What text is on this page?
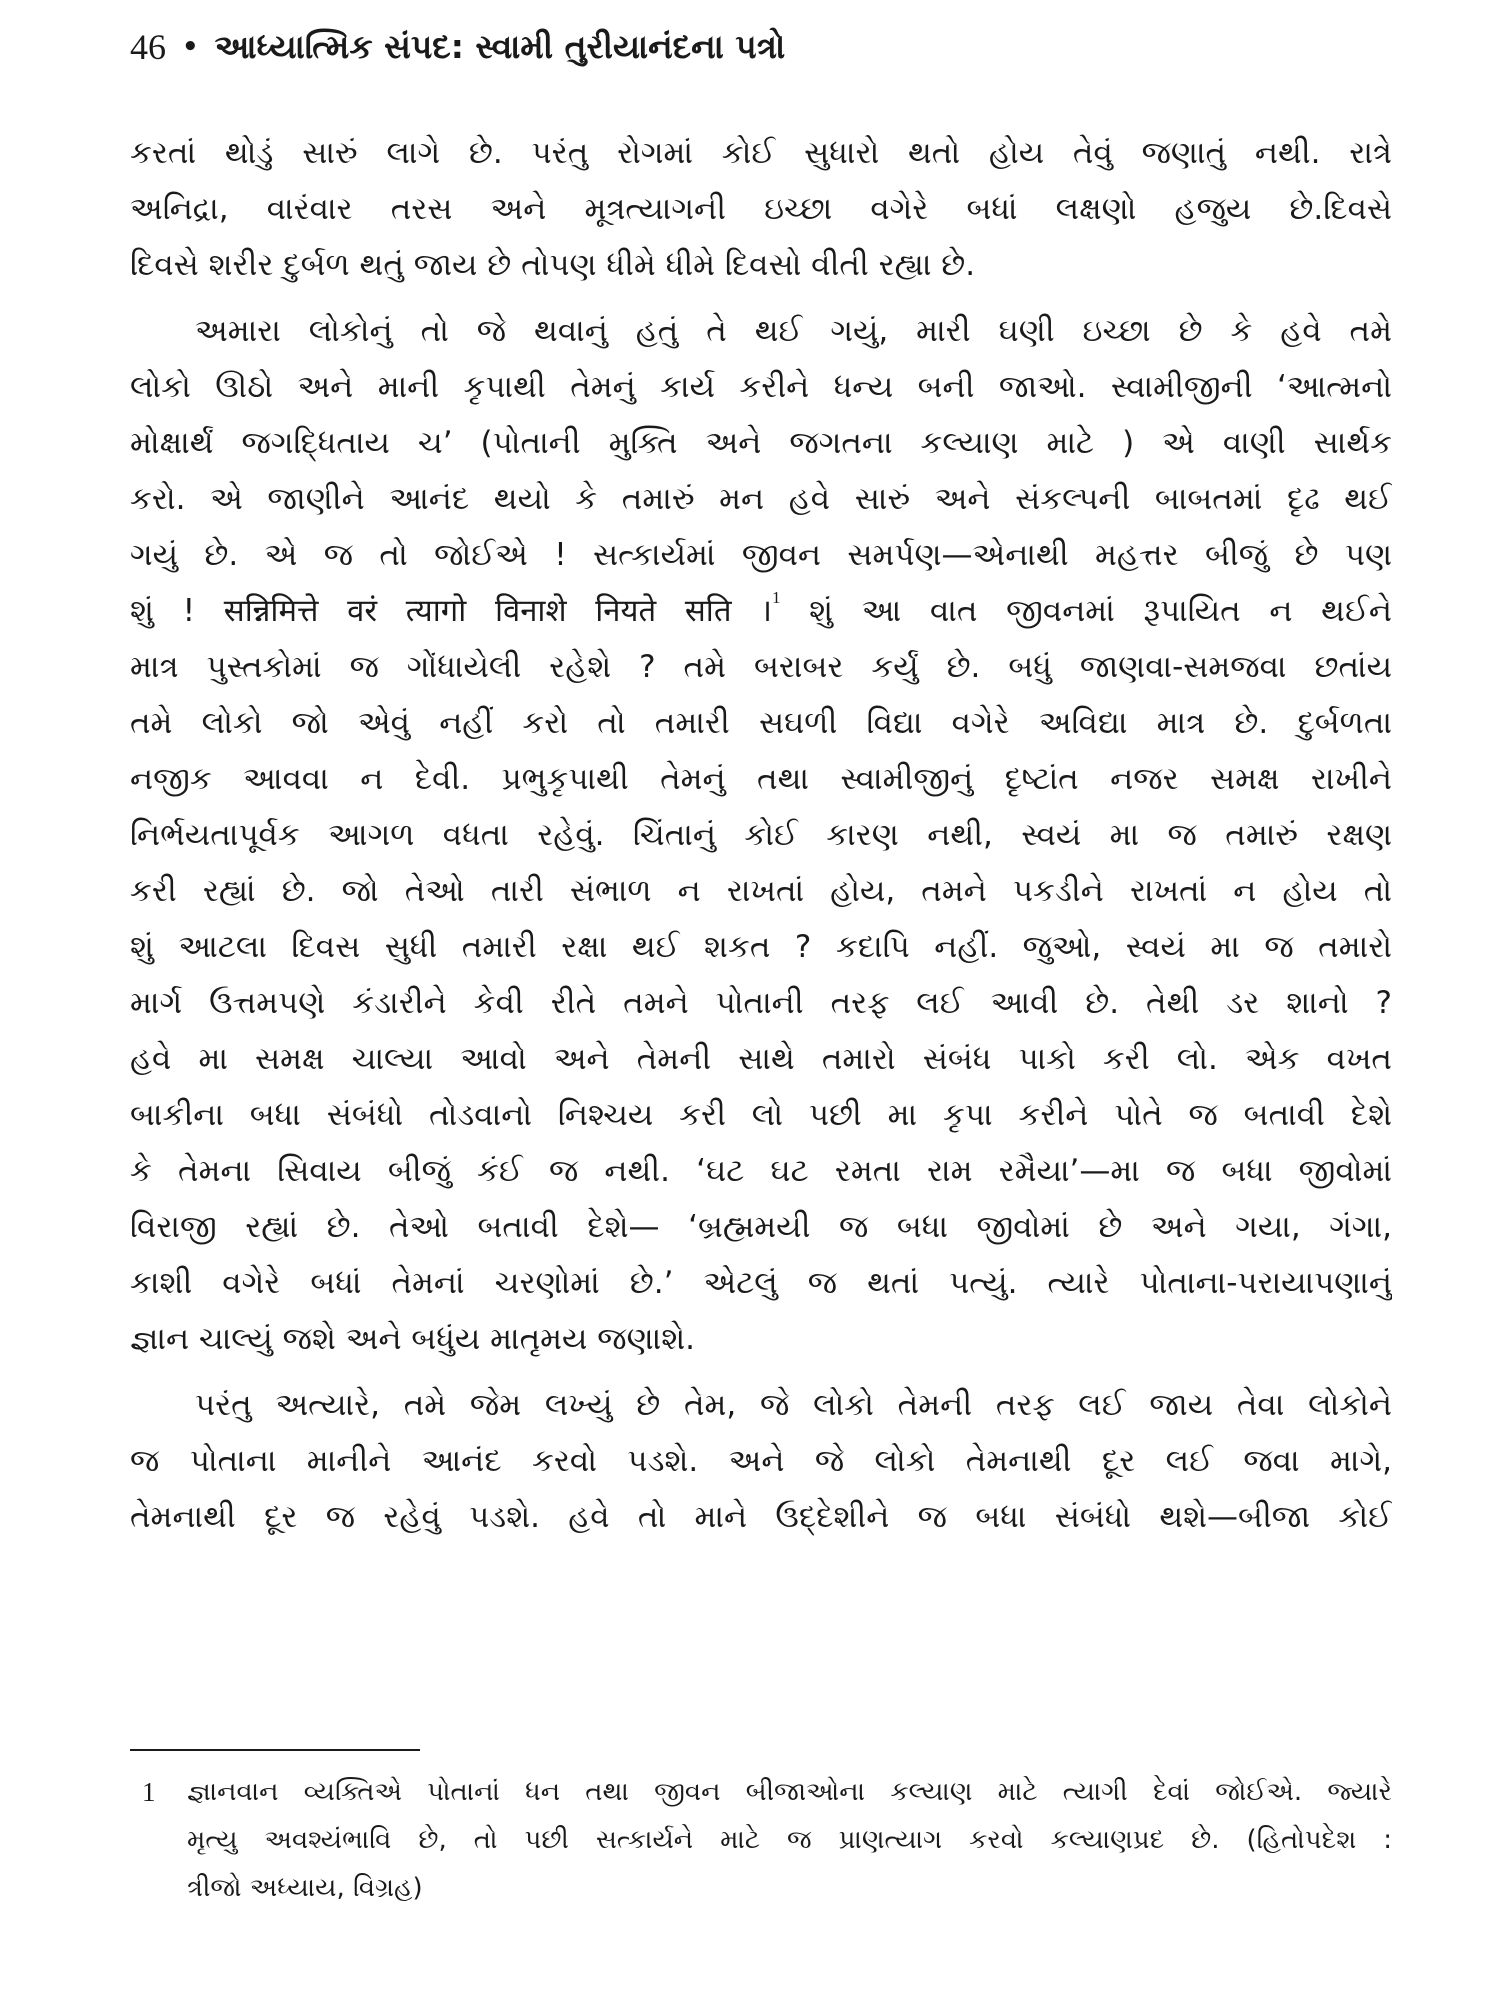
46 • આધ્યાત્મિક સંપદ: સ્વામી તુરીયાનંદના પત્રો
કરતાં થોડું સારું લાગે છે. પરંતુ રોગમાં કોઈ સુધારો થતો હોય તેવું જણાતું નથી. રાત્રે
અનિદ્રા, વારંવાર તરસ અને મૂત્રત્યાગની ઇચ્છા વગેરે બધાં લક્ષણો હજુય છે.દિવસે
દિવસે શરીર દુર્બળ થતું જાય છે તોપણ ધીમે ધીમે દિવસો વીતી રહ્યા છે.
અમારા લોકોનું તો જે થવાનું હતું તે થઈ ગયું, મારી ઘણી ઇચ્છા છે કે હવે તમે
લોકો ઊઠો અને માની કૃપાથી તેમનું કાર્ય કરીને ધન્ય બની જાઓ. સ્વામીજીની ‘આત્મનો
મોક્ષાર્થં જગદ્ધિતાય ચ’ (પોતાની મુક્તિ અને જગતના કલ્યાણ માટે ) એ વાણી સાર્થક
કરો. એ જાણીને આનંદ થયો કે તમારું મન હવે સારું અને સંકલ્પની બાબતમાં દૃઢ થઈ
ગયું છે. એ જ તો જોઈએ ! સત્કાર્યમાં જીવન સમર્પણ—એનાથી મહત્તર બીજું છે પણ
શું ! सन्निमित्ते वरं त्यागो विनाशे नियते सति ।$^1$ શું આ વાત જીવનમાં રૂપાયિત ન થઈને
માત્ર પુસ્તકોમાં જ ગોંધાયેલી રહેશે ? તમે બરાબર કર્યું છે. બધું જાણવા-સમજવા છતાંય
તમે લોકો જો એવું નહીં કરો તો તમારી સઘળી વિદ્યા વગેરે અવિદ્યા માત્ર છે. દુર્બળતા
નજીક આવવા ન દેવી. પ્રભુકૃપાથી તેમનું તથા સ્વામીજીનું દૃષ્ટાંત નજર સમક્ષ રાખીને
નિર્ભયતાપૂર્વક આગળ વધતા રહેવું. ચિંતાનું કોઈ કારણ નથી, સ્વયં મા જ તમારું રક્ષણ
કરી રહ્યાં છે. જો તેઓ તારી સંભાળ ન રાખતાં હોય, તમને પકડીને રાખતાં ન હોય તો
શું આટલા દિવસ સુધી તમારી રક્ષા થઈ શકત ? કદાપિ નહીં. જુઓ, સ્વયં મા જ તમારો
માર્ગ ઉત્તમપણે કંડારીને કેવી રીતે તમને પોતાની તરફ લઈ આવી છે. તેથી ડર શાનો ?
હવે મા સમક્ષ ચાલ્યા આવો અને તેમની સાથે તમારો સંબંધ પાકો કરી લો. એક વખત
બાકીના બધા સંબંધો તોડવાનો નિશ્ચય કરી લો પછી મા કૃપા કરીને પોતે જ બતાવી દેશે
કે તેમના સિવાય બીજું કંઈ જ નથી. ‘ઘટ ઘટ રમતા રામ રમૈયા’—મા જ બધા જીવોમાં
વિરાજી રહ્યાં છે. તેઓ બતાવી દેશે— ‘બ્રહ્મમયી જ બધા જીવોમાં છે અને ગયા, ગંગા,
કાશી વગેરે બધાં તેમનાં ચરણોમાં છે.’ એટલું જ થતાં પત્યું. ત્યારે પોતાના-પરાયાપણાનું
જ્ઞાન ચાલ્યું જશે અને બધુંય માતૃમય જણાશે.
પરંતુ અત્યારે, તમે જેમ લખ્યું છે તેમ, જે લોકો તેમની તરફ લઈ જાય તેવા લોકોને
જ પોતાના માનીને આનંદ કરવો પડશે. અને જે લોકો તેમનાથી દૂર લઈ જવા માગે,
તેમનાથી દૂર જ રહેવું પડશે. હવે તો માને ઉદ્દેશીને જ બધા સંબંધો થશે—બીજા કોઈ
1 જ્ઞાનવાન વ્યક્તિએ પોતાનાં ધન તથા જીવન બીજાઓના કલ્યાણ માટે ત્યાગી દેવાં જોઈએ. જ્યારે
મૃત્યુ અવશ્યંભાવિ છે, તો પછી સત્કાર્યને માટે જ પ્રાણત્યાગ કરવો કલ્યાણપ્રદ છે. (હિતોપદેશ :
ત્રીજો અધ્યાય, વિગ્રહ)
